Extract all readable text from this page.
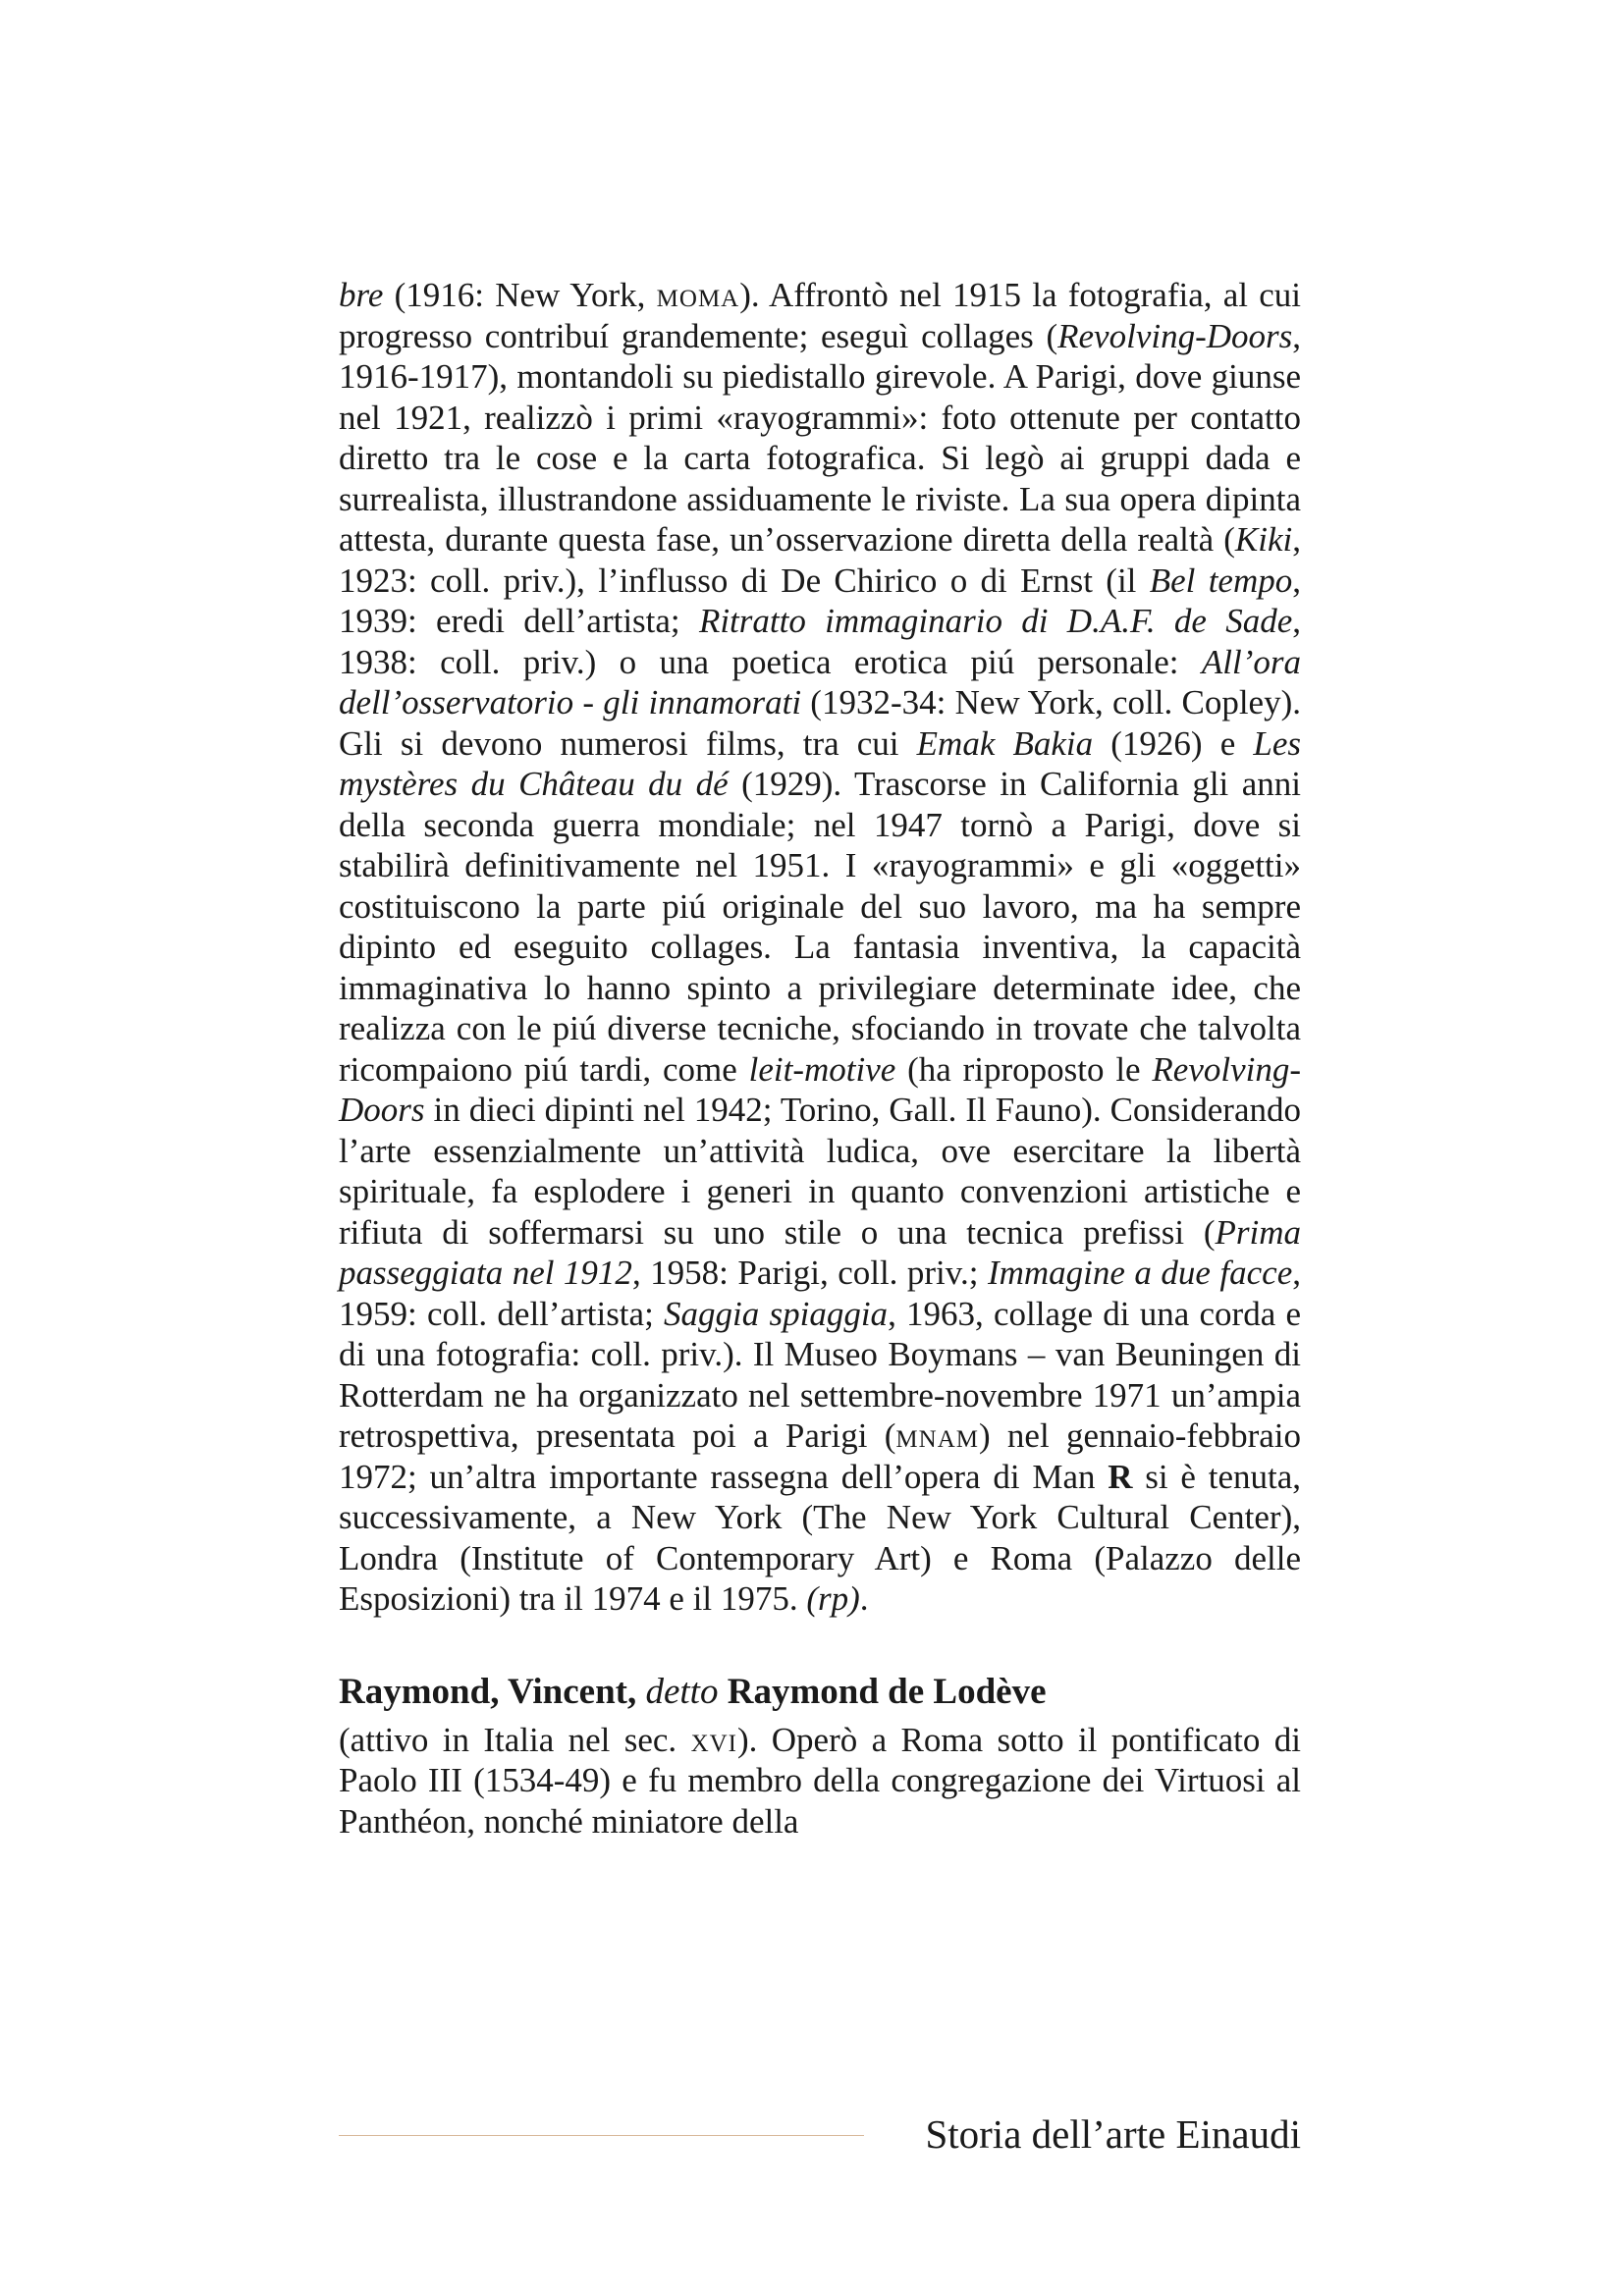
bre (1916: New York, moma). Affrontò nel 1915 la fotografia, al cui progresso contribuí grandemente; eseguì collages (Revolving-Doors, 1916-1917), montandoli su piedistallo girevole. A Parigi, dove giunse nel 1921, realizzò i primi «rayogrammi»: foto ottenute per contatto diretto tra le cose e la carta fotografica. Si legò ai gruppi dada e surrealista, illustrandone assiduamente le riviste. La sua opera dipinta attesta, durante questa fase, un’osservazione diretta della realtà (Kiki, 1923: coll. priv.), l’influsso di De Chirico o di Ernst (il Bel tempo, 1939: eredi dell’artista; Ritratto immaginario di D.A.F. de Sade, 1938: coll. priv.) o una poetica erotica piú personale: All’ora dell’osservatorio - gli innamorati (1932-34: New York, coll. Copley). Gli si devono numerosi films, tra cui Emak Bakia (1926) e Les mystères du Château du dé (1929). Trascorse in California gli anni della seconda guerra mondiale; nel 1947 tornò a Parigi, dove si stabilirà definitivamente nel 1951. I «rayogrammi» e gli «oggetti» costituiscono la parte piú originale del suo lavoro, ma ha sempre dipinto ed eseguito collages. La fantasia inventiva, la capacità immaginativa lo hanno spinto a privilegiare determinate idee, che realizza con le piú diverse tecniche, sfociando in trovate che talvolta ricompaiono piú tardi, come leit-motive (ha riproposto le Revolving-Doors in dieci dipinti nel 1942; Torino, Gall. Il Fauno). Considerando l’arte essenzialmente un’attività ludica, ove esercitare la libertà spirituale, fa esplodere i generi in quanto convenzioni artistiche e rifiuta di soffermarsi su uno stile o una tecnica prefissi (Prima passeggiata nel 1912, 1958: Parigi, coll. priv.; Immagine a due facce, 1959: coll. dell’artista; Saggia spiaggia, 1963, collage di una corda e di una fotografia: coll. priv.). Il Museo Boymans – van Beuningen di Rotterdam ne ha organizzato nel settembre-novembre 1971 un’ampia retrospettiva, presentata poi a Parigi (mnam) nel gennaio-febbraio 1972; un’altra importante rassegna dell’opera di Man R si è tenuta, successivamente, a New York (The New York Cultural Center), Londra (Institute of Contemporary Art) e Roma (Palazzo delle Esposizioni) tra il 1974 e il 1975. (rp).

Raymond, Vincent, detto Raymond de Lodève

(attivo in Italia nel sec. xvi). Operò a Roma sotto il pontificato di Paolo III (1534-49) e fu membro della congregazione dei Virtuosi al Panthéon, nonché miniatore della

Storia dell’arte Einaudi
